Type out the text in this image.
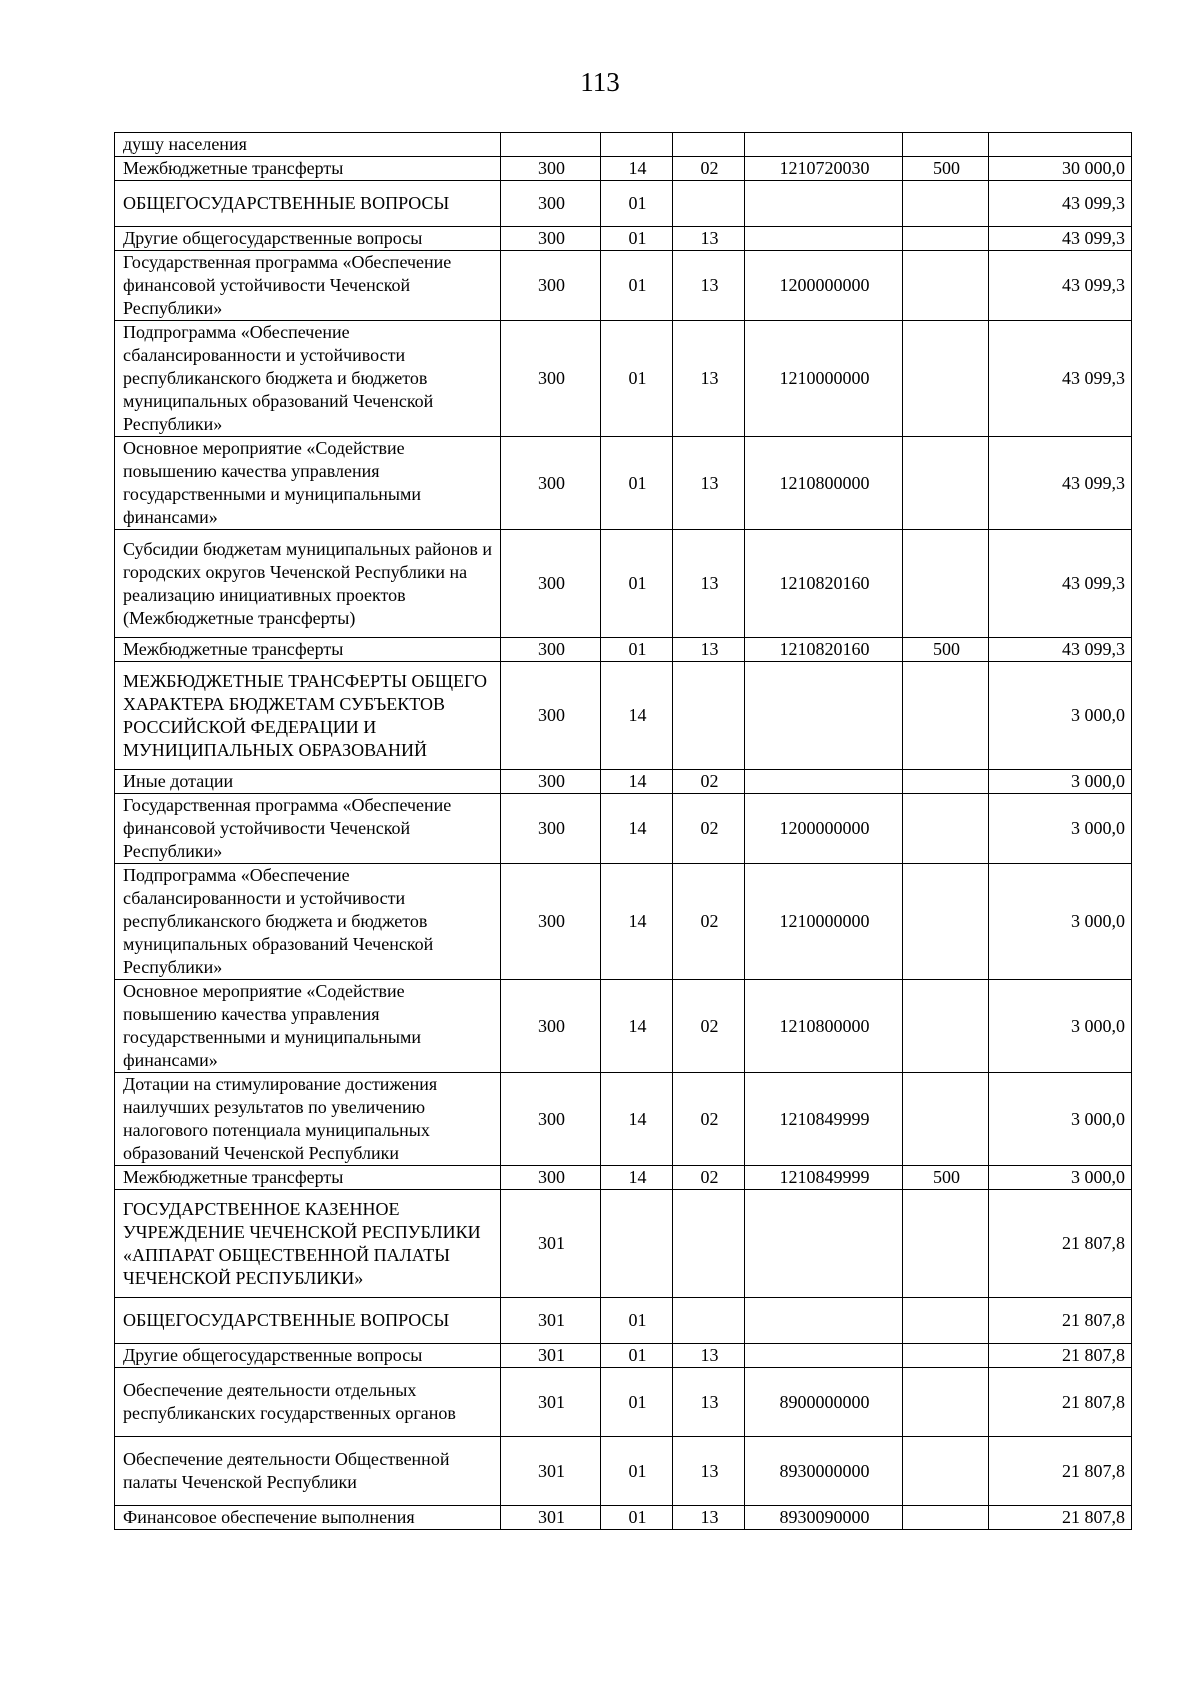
113
душу населения						
Межбюджетные трансферты	300	14	02	1210720030	500	30 000,0
ОБЩЕГОСУДАРСТВЕННЫЕ ВОПРОСЫ	300	01				43 099,3
Другие общегосударственные вопросы	300	01	13			43 099,3
Государственная программа «Обеспечение финансовой устойчивости Чеченской Республики»	300	01	13	1200000000		43 099,3
Подпрограмма «Обеспечение сбалансированности и устойчивости республиканского бюджета и бюджетов муниципальных образований Чеченской Республики»	300	01	13	1210000000		43 099,3
Основное мероприятие «Содействие повышению качества управления государственными и муниципальными финансами»	300	01	13	1210800000		43 099,3
Субсидии бюджетам муниципальных районов и городских округов Чеченской Республики на реализацию инициативных проектов (Межбюджетные трансферты)	300	01	13	1210820160		43 099,3
Межбюджетные трансферты	300	01	13	1210820160	500	43 099,3
МЕЖБЮДЖЕТНЫЕ ТРАНСФЕРТЫ ОБЩЕГО ХАРАКТЕРА БЮДЖЕТАМ СУБЪЕКТОВ РОССИЙСКОЙ ФЕДЕРАЦИИ И МУНИЦИПАЛЬНЫХ ОБРАЗОВАНИЙ	300	14				3 000,0
Иные дотации	300	14	02			3 000,0
Государственная программа «Обеспечение финансовой устойчивости Чеченской Республики»	300	14	02	1200000000		3 000,0
Подпрограмма «Обеспечение сбалансированности и устойчивости республиканского бюджета и бюджетов муниципальных образований Чеченской Республики»	300	14	02	1210000000		3 000,0
Основное мероприятие «Содействие повышению качества управления государственными и муниципальными финансами»	300	14	02	1210800000		3 000,0
Дотации на стимулирование достижения наилучших результатов по увеличению налогового потенциала муниципальных образований Чеченской Республики	300	14	02	1210849999		3 000,0
Межбюджетные трансферты	300	14	02	1210849999	500	3 000,0
ГОСУДАРСТВЕННОЕ КАЗЕННОЕ УЧРЕЖДЕНИЕ ЧЕЧЕНСКОЙ РЕСПУБЛИКИ «АППАРАТ ОБЩЕСТВЕННОЙ ПАЛАТЫ ЧЕЧЕНСКОЙ РЕСПУБЛИКИ»	301					21 807,8
ОБЩЕГОСУДАРСТВЕННЫЕ ВОПРОСЫ	301	01				21 807,8
Другие общегосударственные вопросы	301	01	13			21 807,8
Обеспечение деятельности отдельных республиканских государственных органов	301	01	13	8900000000		21 807,8
Обеспечение деятельности Общественной палаты Чеченской Республики	301	01	13	8930000000		21 807,8
Финансовое обеспечение выполнения	301	01	13	8930090000		21 807,8
